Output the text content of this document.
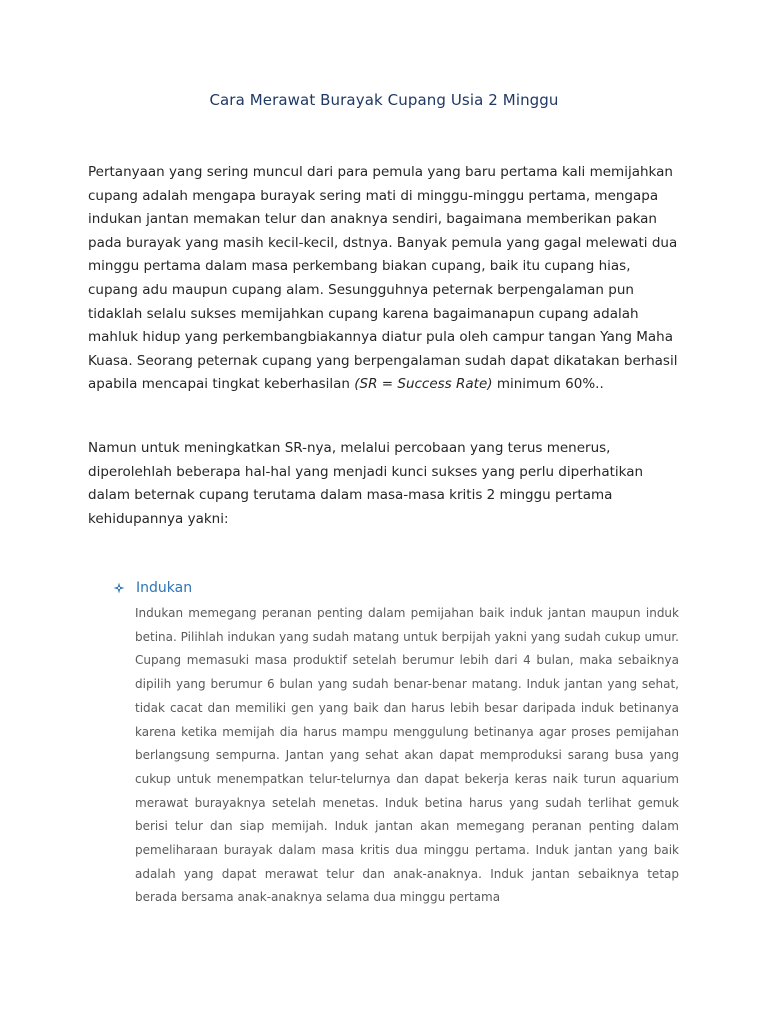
Cara Merawat Burayak Cupang Usia 2 Minggu

Pertanyaan yang sering muncul dari para pemula yang baru pertama kali memijahkan cupang adalah mengapa burayak sering mati di minggu-minggu pertama, mengapa indukan jantan memakan telur dan anaknya sendiri, bagaimana memberikan pakan pada burayak yang masih kecil-kecil, dstnya. Banyak pemula yang gagal melewati dua minggu pertama dalam masa perkembang biakan cupang, baik itu cupang hias, cupang adu maupun cupang alam. Sesungguhnya peternak berpengalaman pun tidaklah selalu sukses memijahkan cupang karena bagaimanapun cupang adalah mahluk hidup yang perkembangbiakannya diatur pula oleh campur tangan Yang Maha Kuasa. Seorang peternak cupang yang berpengalaman sudah dapat dikatakan berhasil apabila mencapai tingkat keberhasilan (SR = Success Rate) minimum 60%..

Namun untuk meningkatkan SR-nya, melalui percobaan yang terus menerus, diperolehlah beberapa hal-hal yang menjadi kunci sukses yang perlu diperhatikan dalam beternak cupang terutama dalam masa-masa kritis 2 minggu pertama kehidupannya yakni:

Indukan

Indukan memegang peranan penting dalam pemijahan baik induk jantan maupun induk betina. Pilihlah indukan yang sudah matang untuk berpijah yakni yang sudah cukup umur. Cupang memasuki masa produktif setelah berumur lebih dari 4 bulan, maka sebaiknya dipilih yang berumur 6 bulan yang sudah benar-benar matang. Induk jantan yang sehat, tidak cacat dan memiliki gen yang baik dan harus lebih besar daripada induk betinanya karena ketika memijah dia harus mampu menggulung betinanya agar proses pemijahan berlangsung sempurna. Jantan yang sehat akan dapat memproduksi sarang busa yang cukup untuk menempatkan telur-telurnya dan dapat bekerja keras naik turun aquarium merawat burayaknya setelah menetas. Induk betina harus yang sudah terlihat gemuk berisi telur dan siap memijah. Induk jantan akan memegang peranan penting dalam pemeliharaan burayak dalam masa kritis dua minggu pertama. Induk jantan yang baik adalah yang dapat merawat telur dan anak-anaknya. Induk jantan sebaiknya tetap berada bersama anak-anaknya selama dua minggu pertama
